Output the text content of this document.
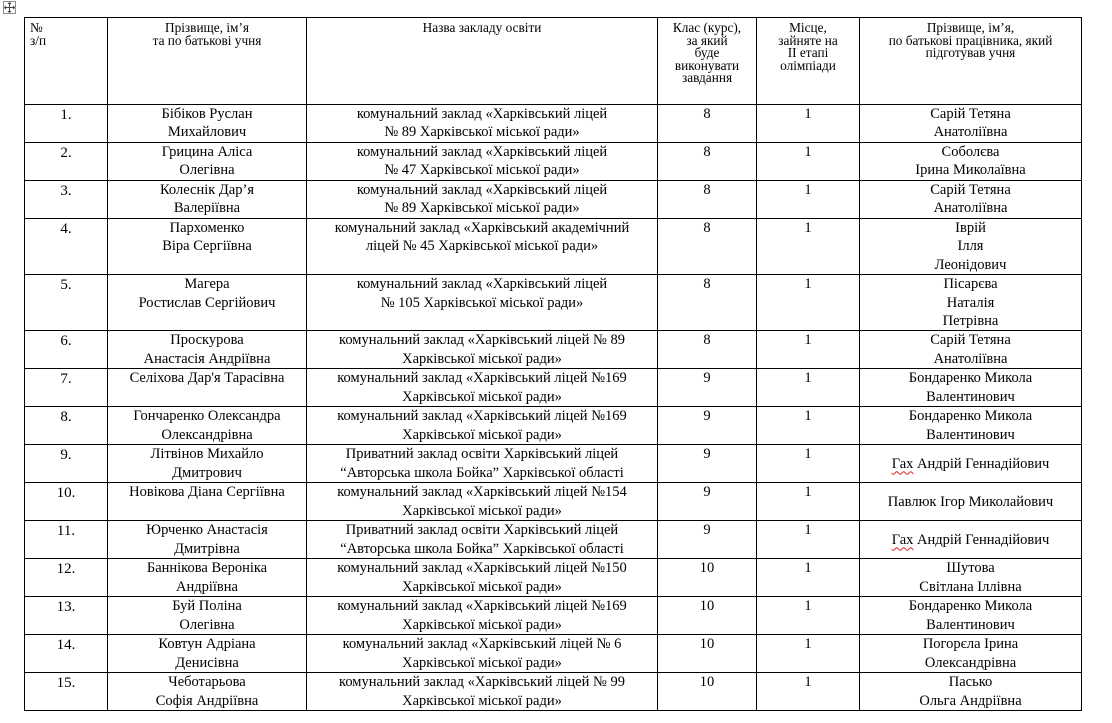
№
з/п	Прізвище, ім’я
та по батькові учня	Назва закладу освіти	Клас (курс),
за який
буде
виконувати
завдання	Місце,
зайняте на
ІІ етапі
олімпіади	Прізвище, ім’я,
по батькові працівника, який
підготував учня
1.	Бібіков Руслан
Михайлович	комунальний заклад «Харківський ліцей
№ 89 Харківської міської ради»	8	1	Сарій Тетяна
Анатоліївна
2.	Грицина Аліса
Олегівна	комунальний заклад «Харківський ліцей
№ 47 Харківської міської ради»	8	1	Соболєва
Ірина Миколаївна
3.	Колеснік Дар’я
Валеріївна	комунальний заклад «Харківський ліцей
№ 89 Харківської міської ради»	8	1	Сарій Тетяна
Анатоліївна
4.	Пархоменко
Віра Сергіївна	комунальний заклад «Харківський академічний
ліцей № 45 Харківської міської ради»	8	1	Іврій
Ілля
Леонідович
5.	Магера
Ростислав Сергійович	комунальний заклад «Харківський ліцей
№ 105 Харківської міської ради»	8	1	Пісарєва
Наталія
Петрівна
6.	Проскурова
Анастасія Андріївна	комунальний заклад «Харківський ліцей № 89
Харківської міської ради»	8	1	Сарій Тетяна
Анатоліївна
7.	Селіхова Дар'я Тарасівна	комунальний заклад «Харківський ліцей №169
Харківської міської ради»	9	1	Бондаренко Микола
Валентинович
8.	Гончаренко Олександра
Олександрівна	комунальний заклад «Харківський ліцей №169
Харківської міської ради»	9	1	Бондаренко Микола
Валентинович
9.	Літвінов Михайло
Дмитрович	Приватний заклад освіти Харківський ліцей
“Авторська школа Бойка” Харківської області	9	1	Гах Андрій Геннадійович
10.	Новікова Діана Сергіївна	комунальний заклад «Харківський ліцей №154
Харківської міської ради»	9	1	Павлюк Ігор Миколайович
11.	Юрченко Анастасія
Дмитрівна	Приватний заклад освіти Харківський ліцей
“Авторська школа Бойка” Харківської області	9	1	Гах Андрій Геннадійович
12.	Баннікова Вероніка
Андріївна	комунальний заклад «Харківський ліцей №150
Харківської міської ради»	10	1	Шутова
Світлана Іллівна
13.	Буй Поліна
Олегівна	комунальний заклад «Харківський ліцей №169
Харківської міської ради»	10	1	Бондаренко Микола
Валентинович
14.	Ковтун Адріана
Денисівна	комунальний заклад «Харківський ліцей № 6
Харківської міської ради»	10	1	Погорєла Ірина
Олександрівна
15.	Чеботарьова
Софія Андріївна	комунальний заклад «Харківський ліцей № 99
Харківської міської ради»	10	1	Пасько
Ольга Андріївна
